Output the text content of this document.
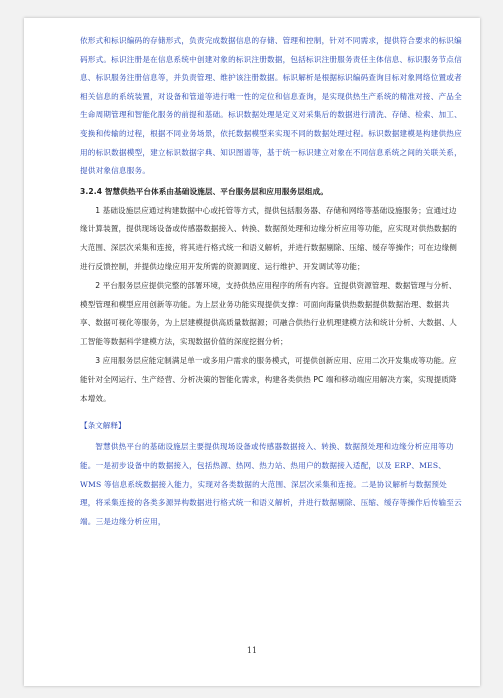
依形式和标识编码的存储形式，负责完成数据信息的存储、管理和控制，针对不同需求，提供符合要求的标识编码形式。标识注册是在信息系统中创建对象的标识注册数据，包括标识注册服务责任主体信息、标识服务节点信息、标识服务注册信息等，并负责管理、维护该注册数据。标识解析是根据标识编码查询目标对象网络位置或者相关信息的系统装置，对设备和管道等进行唯一性的定位和信息查询，是实现供热生产系统的精准对接、产品全生命周期管理和智能化服务的前提和基础。标识数据处理是定义对采集后的数据进行清洗、存储、检索、加工、变换和传输的过程，根据不同业务场景，依托数据模型来实现不同的数据处理过程。标识数据建模是构建供热应用的标识数据模型，建立标识数据字典、知识图谱等，基于统一标识建立对象在不同信息系统之间的关联关系，提供对象信息服务。

3.2.4 智慧供热平台体系由基础设施层、平台服务层和应用服务层组成。

1 基础设施层应通过构建数据中心或托管等方式，提供包括服务器、存储和网络等基础设施服务；宜通过边缘计算装置，提供现场设备或传感器数据接入、转换、数据预处理和边缘分析应用等功能，应实现对供热数据的大范围、深层次采集和连接，将其进行格式统一和语义解析，并进行数据剔除、压缩、缓存等操作；可在边缘侧进行反馈控制，并提供边缘应用开发所需的资源调度、运行维护、开发调试等功能；

2 平台服务层应提供完整的部署环境，支持供热应用程序的所有内容。宜提供资源管理、数据管理与分析、模型管理和模型应用创新等功能。为上层业务功能实现提供支撑：可面向海量供热数据提供数据治理、数据共享、数据可视化等服务，为上层建模提供高质量数据源；可融合供热行业机理建模方法和统计分析、大数据、人工智能等数据科学建模方法，实现数据价值的深度挖掘分析；

3 应用服务层应能定制满足单一或多用户需求的服务模式，可提供创新应用、应用二次开发集成等功能。应能针对全网运行、生产经营、分析决策的智能化需求，构建各类供热 PC 端和移动端应用解决方案，实现提质降本增效。

【条文解释】

智慧供热平台的基础设施层主要提供现场设备或传感器数据接入、转换、数据预处理和边缘分析应用等功能。一是初步设备中的数据接入，包括热源、热网、热力站、热用户的数据接入适配，以及 ERP、MES、WMS 等信息系统数据接入能力，实现对各类数据的大范围、深层次采集和连接。二是协议解析与数据预处理，将采集连接的各类多源异构数据进行格式统一和语义解析，并进行数据剔除、压缩、缓存等操作后传输至云端。三是边缘分析应用，

11
